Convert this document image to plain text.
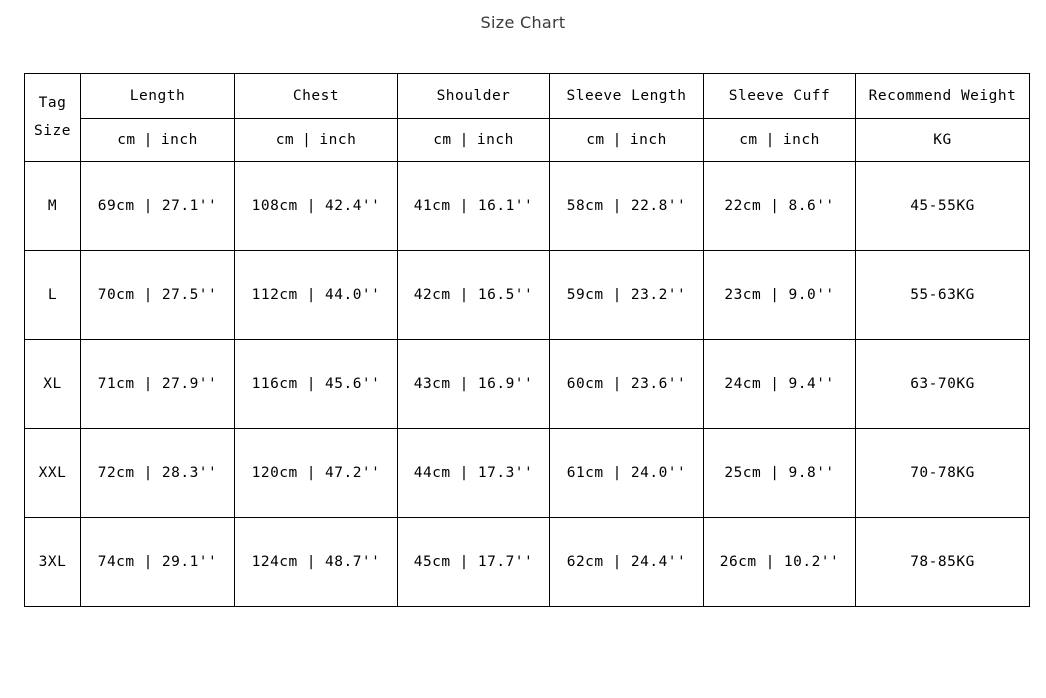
Size Chart
Tag
Size	Length	Chest	Shoulder	Sleeve Length	Sleeve Cuff	Recommend Weight
	cm | inch	cm | inch	cm | inch	cm | inch	cm | inch	KG
M	69cm | 27.1''	108cm | 42.4''	41cm | 16.1''	58cm | 22.8''	22cm | 8.6''	45-55KG
L	70cm | 27.5''	112cm | 44.0''	42cm | 16.5''	59cm | 23.2''	23cm | 9.0''	55-63KG
XL	71cm | 27.9''	116cm | 45.6''	43cm | 16.9''	60cm | 23.6''	24cm | 9.4''	63-70KG
XXL	72cm | 28.3''	120cm | 47.2''	44cm | 17.3''	61cm | 24.0''	25cm | 9.8''	70-78KG
3XL	74cm | 29.1''	124cm | 48.7''	45cm | 17.7''	62cm | 24.4''	26cm | 10.2''	78-85KG
